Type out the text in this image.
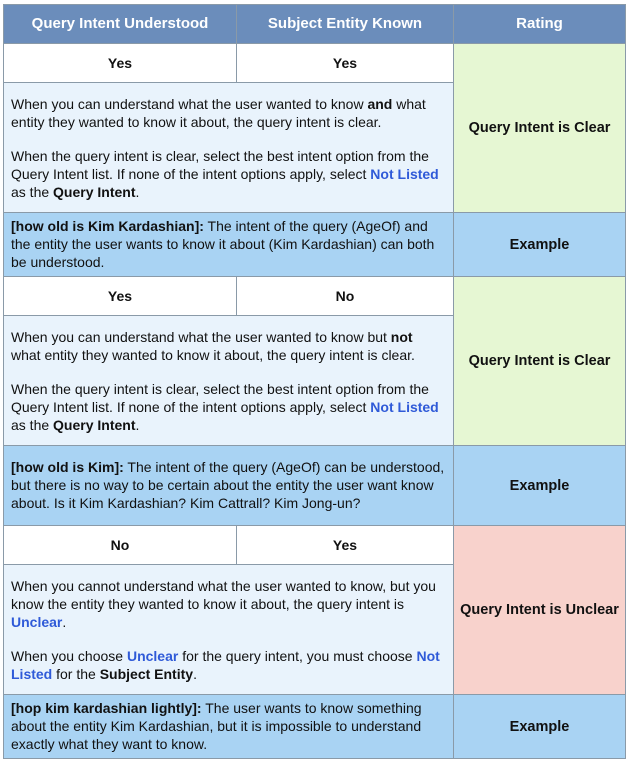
Query Intent Understood	Subject Entity Known	Rating
Yes	Yes	Query Intent is Clear

When you can understand what the user wanted to know and what entity they wanted to know it about, the query intent is clear.

When the query intent is clear, select the best intent option from the Query Intent list. If none of the intent options apply, select Not Listed as the Query Intent.		

[how old is Kim Kardashian]: The intent of the query (AgeOf) and the entity the user wants to know it about (Kim Kardashian) can both be understood.		Example
Yes	No	Query Intent is Clear

When you can understand what the user wanted to know but not what entity they wanted to know it about, the query intent is clear.

When the query intent is clear, select the best intent option from the Query Intent list. If none of the intent options apply, select Not Listed as the Query Intent.		

[how old is Kim]: The intent of the query (AgeOf) can be understood, but there is no way to be certain about the entity the user want know about. Is it Kim Kardashian? Kim Cattrall? Kim Jong-un?		Example
No	Yes	Query Intent is Unclear

When you cannot understand what the user wanted to know, but you know the entity they wanted to know it about, the query intent is Unclear.

When you choose Unclear for the query intent, you must choose Not Listed for the Subject Entity.		

[hop kim kardashian lightly]: The user wants to know something about the entity Kim Kardashian, but it is impossible to understand exactly what they want to know.		Example
